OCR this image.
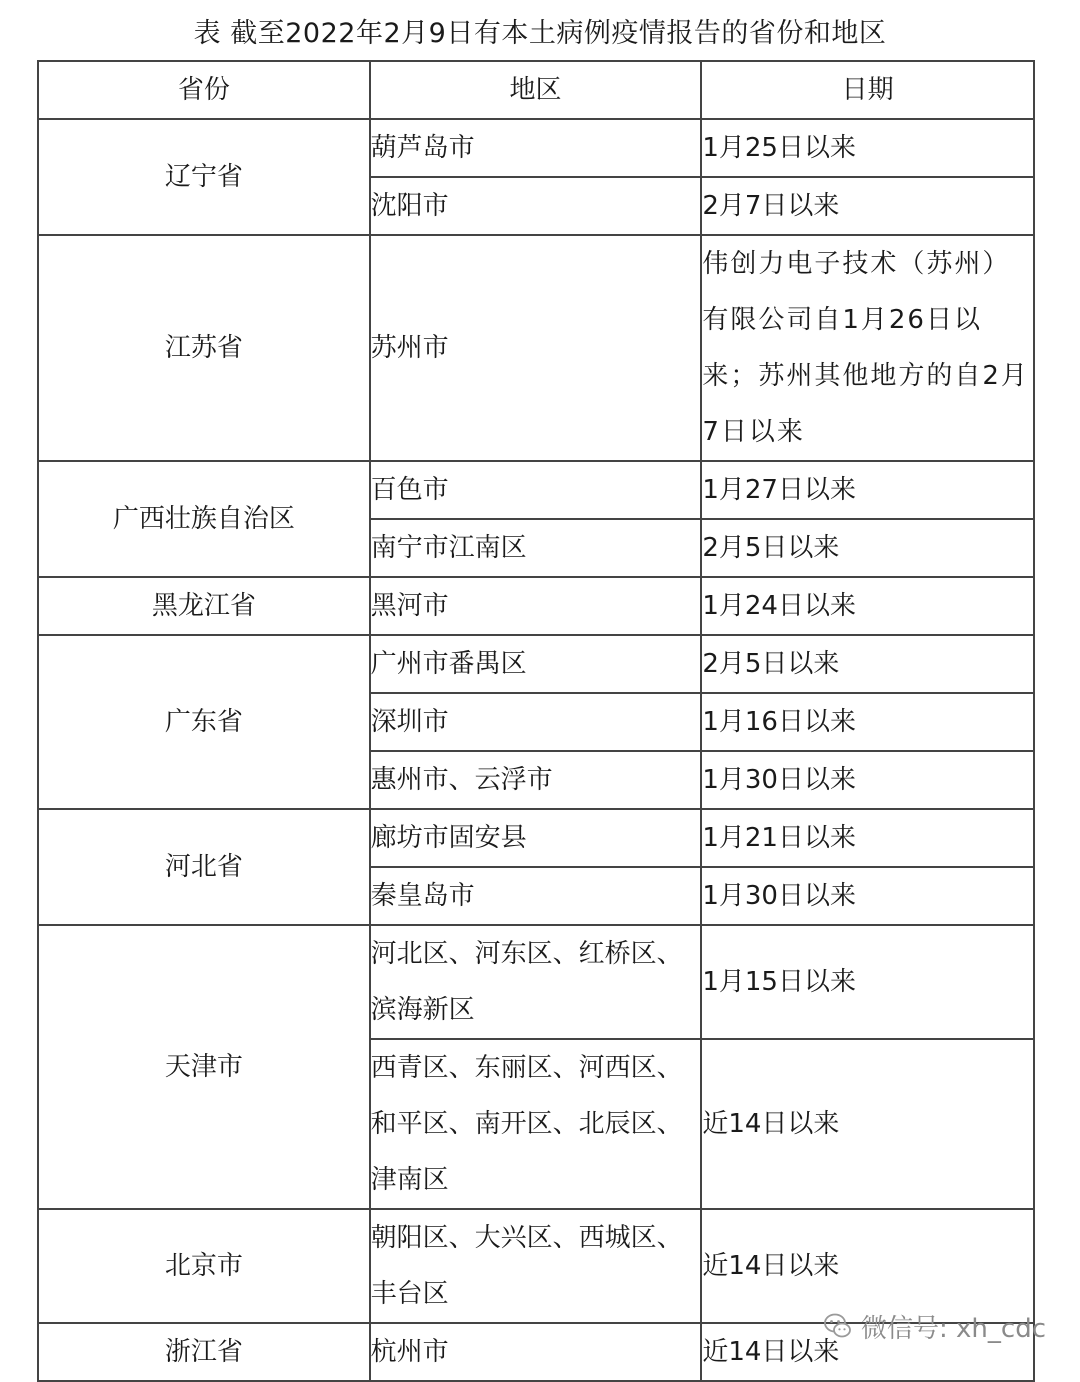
表 截至2022年2月9日有本土病例疫情报告的省份和地区
省份	地区	日期
辽宁省	葫芦岛市	1月25日以来
	沈阳市	2月7日以来
江苏省	苏州市	伟创力电子技术（苏州）有限公司自1月26日以来；苏州其他地方的自2月7日以来
广西壮族自治区	百色市	1月27日以来
	南宁市江南区	2月5日以来
黑龙江省	黑河市	1月24日以来
广东省	广州市番禺区	2月5日以来
	深圳市	1月16日以来
	惠州市、云浮市	1月30日以来
河北省	廊坊市固安县	1月21日以来
	秦皇岛市	1月30日以来
天津市	河北区、河东区、红桥区、滨海新区	1月15日以来
	西青区、东丽区、河西区、和平区、南开区、北辰区、津南区	近14日以来
北京市	朝阳区、大兴区、西城区、丰台区	近14日以来
浙江省	杭州市	近14日以来
微信号: xh_cdc
